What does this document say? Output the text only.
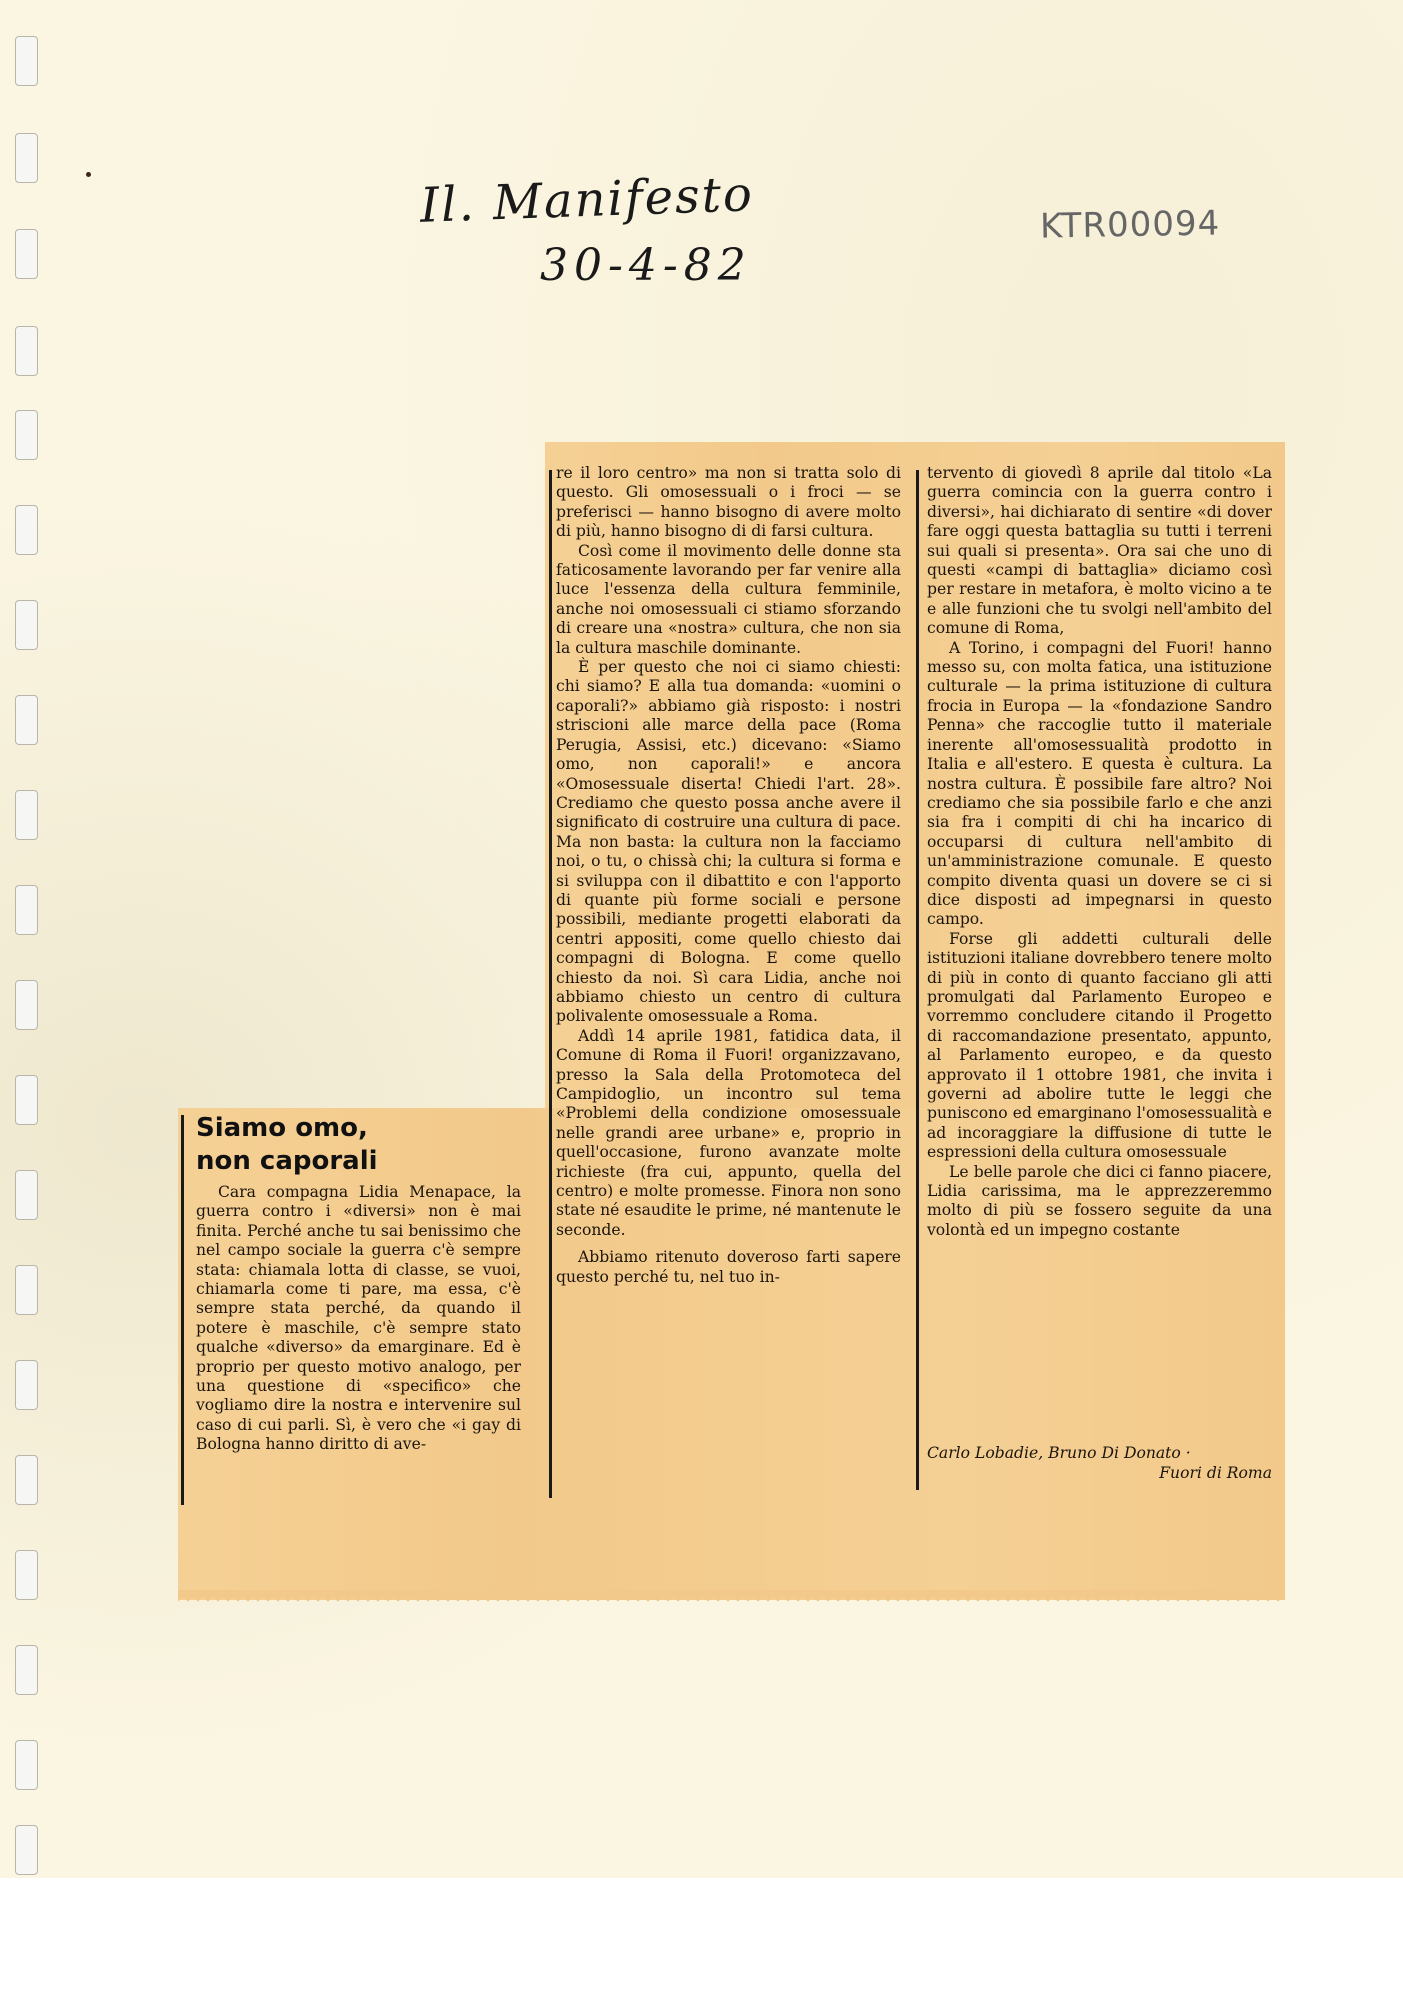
Il. Manifesto
30-4-82
KTR00094
Siamo omo,
non caporali

Cara compagna Lidia Menapace, la guerra contro i «diversi» non è mai finita. Perché anche tu sai benissimo che nel campo sociale la guerra c'è sempre stata: chiamala lotta di classe, se vuoi, chiamarla come ti pare, ma essa, c'è sempre stata perché, da quando il potere è maschile, c'è sempre stato qualche «diverso» da emarginare. Ed è proprio per questo motivo analogo, per una questione di «specifico» che vogliamo dire la nostra e intervenire sul caso di cui parli. Sì, è vero che «i gay di Bologna hanno diritto di ave-

re il loro centro» ma non si tratta solo di questo. Gli omosessuali o i froci — se preferisci — hanno bisogno di avere molto di più, hanno bisogno di di farsi cultura.

Così come il movimento delle donne sta faticosamente lavorando per far venire alla luce l'essenza della cultura femminile, anche noi omosessuali ci stiamo sforzando di creare una «nostra» cultura, che non sia la cultura maschile dominante.

È per questo che noi ci siamo chiesti: chi siamo? E alla tua domanda: «uomini o caporali?» abbiamo già risposto: i nostri striscioni alle marce della pace (Roma Perugia, Assisi, etc.) dicevano: «Siamo omo, non caporali!» e ancora «Omosessuale diserta! Chiedi l'art. 28». Crediamo che questo possa anche avere il significato di costruire una cultura di pace. Ma non basta: la cultura non la facciamo noi, o tu, o chissà chi; la cultura si forma e si sviluppa con il dibattito e con l'apporto di quante più forme sociali e persone possibili, mediante progetti elaborati da centri appositi, come quello chiesto dai compagni di Bologna. E come quello chiesto da noi. Sì cara Lidia, anche noi abbiamo chiesto un centro di cultura polivalente omosessuale a Roma.

Addì 14 aprile 1981, fatidica data, il Comune di Roma il Fuori! organizzavano, presso la Sala della Protomoteca del Campidoglio, un incontro sul tema «Problemi della condizione omosessuale nelle grandi aree urbane» e, proprio in quell'occasione, furono avanzate molte richieste (fra cui, appunto, quella del centro) e molte promesse. Finora non sono state né esaudite le prime, né mantenute le seconde.

Abbiamo ritenuto doveroso farti sapere questo perché tu, nel tuo in-

tervento di giovedì 8 aprile dal titolo «La guerra comincia con la guerra contro i diversi», hai dichiarato di sentire «di dover fare oggi questa battaglia su tutti i terreni sui quali si presenta». Ora sai che uno di questi «campi di battaglia» diciamo così per restare in metafora, è molto vicino a te e alle funzioni che tu svolgi nell'ambito del comune di Roma,

A Torino, i compagni del Fuori! hanno messo su, con molta fatica, una istituzione culturale — la prima istituzione di cultura frocia in Europa — la «fondazione Sandro Penna» che raccoglie tutto il materiale inerente all'omosessualità prodotto in Italia e all'estero. E questa è cultura. La nostra cultura. È possibile fare altro? Noi crediamo che sia possibile farlo e che anzi sia fra i compiti di chi ha incarico di occuparsi di cultura nell'ambito di un'amministrazione comunale. E questo compito diventa quasi un dovere se ci si dice disposti ad impegnarsi in questo campo.

Forse gli addetti culturali delle istituzioni italiane dovrebbero tenere molto di più in conto di quanto facciano gli atti promulgati dal Parlamento Europeo e vorremmo concludere citando il Progetto di raccomandazione presentato, appunto, al Parlamento europeo, e da questo approvato il 1 ottobre 1981, che invita i governi ad abolire tutte le leggi che puniscono ed emarginano l'omosessualità e ad incoraggiare la diffusione di tutte le espressioni della cultura omosessuale

Le belle parole che dici ci fanno piacere, Lidia carissima, ma le apprezzeremmo molto di più se fossero seguite da una volontà ed un impegno costante

Carlo Lobadie, Bruno Di Donato ·
Fuori di Roma
